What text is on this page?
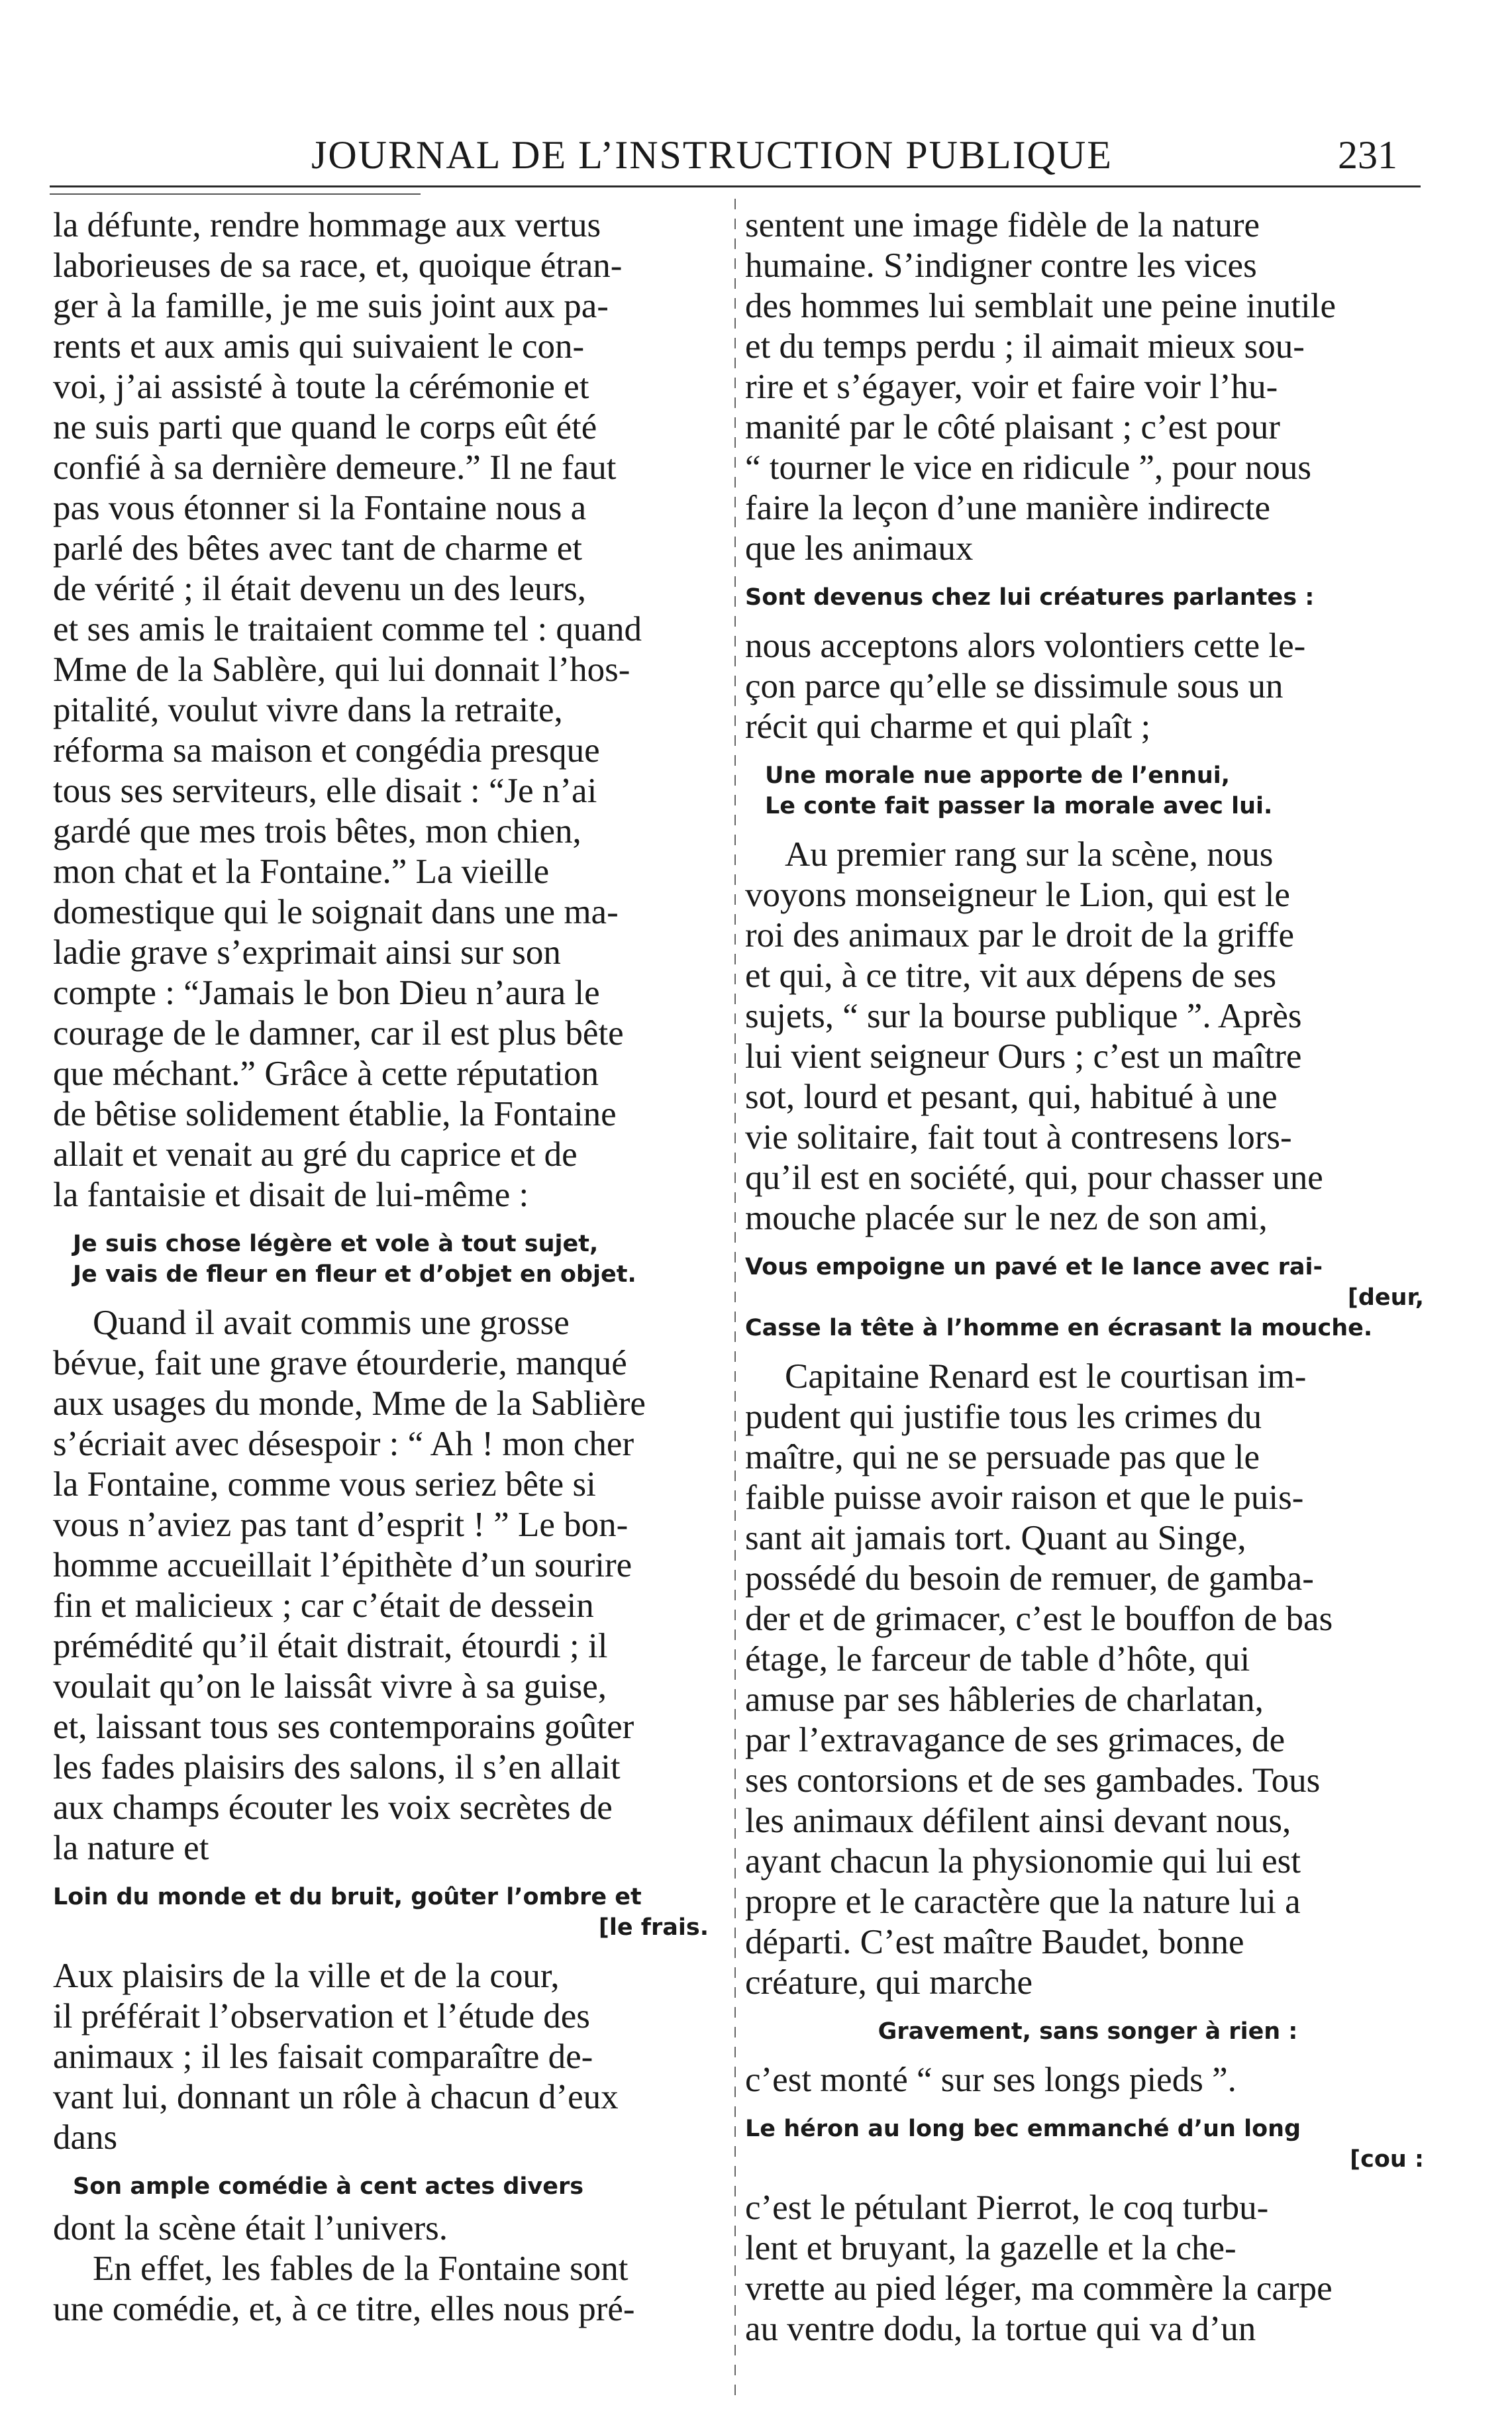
JOURNAL DE L’INSTRUCTION PUBLIQUE	231
la défunte, rendre hommage aux vertus
laborieuses de sa race, et, quoique étran-
ger à la famille, je me suis joint aux pa-
rents et aux amis qui suivaient le con-
voi, j’ai assisté à toute la cérémonie et
ne suis parti que quand le corps eût été
confié à sa dernière demeure.” Il ne faut
pas vous étonner si la Fontaine nous a
parlé des bêtes avec tant de charme et
de vérité ; il était devenu un des leurs,
et ses amis le traitaient comme tel : quand
Mme de la Sablère, qui lui donnait l’hos-
pitalité, voulut vivre dans la retraite,
réforma sa maison et congédia presque
tous ses serviteurs, elle disait : “Je n’ai
gardé que mes trois bêtes, mon chien,
mon chat et la Fontaine.” La vieille
domestique qui le soignait dans une ma-
ladie grave s’exprimait ainsi sur son
compte : “Jamais le bon Dieu n’aura le
courage de le damner, car il est plus bête
que méchant.” Grâce à cette réputation
de bêtise solidement établie, la Fontaine
allait et venait au gré du caprice et de
la fantaisie et disait de lui-même :
Je suis chose légère et vole à tout sujet,
Je vais de fleur en fleur et d’objet en objet.
Quand il avait commis une grosse
bévue, fait une grave étourderie, manqué
aux usages du monde, Mme de la Sablière
s’écriait avec désespoir : “ Ah ! mon cher
la Fontaine, comme vous seriez bête si
vous n’aviez pas tant d’esprit ! ” Le bon-
homme accueillait l’épithète d’un sourire
fin et malicieux ; car c’était de dessein
prémédité qu’il était distrait, étourdi ; il
voulait qu’on le laissât vivre à sa guise,
et, laissant tous ses contemporains goûter
les fades plaisirs des salons, il s’en allait
aux champs écouter les voix secrètes de
la nature et
Loin du monde et du bruit, goûter l’ombre et
[le frais.
Aux plaisirs de la ville et de la cour,
il préférait l’observation et l’étude des
animaux ; il les faisait comparaître de-
vant lui, donnant un rôle à chacun d’eux
dans
Son ample comédie à cent actes divers
dont la scène était l’univers.
En effet, les fables de la Fontaine sont
une comédie, et, à ce titre, elles nous pré-
sentent une image fidèle de la nature
humaine. S’indigner contre les vices
des hommes lui semblait une peine inutile
et du temps perdu ; il aimait mieux sou-
rire et s’égayer, voir et faire voir l’hu-
manité par le côté plaisant ; c’est pour
“ tourner le vice en ridicule ”, pour nous
faire la leçon d’une manière indirecte
que les animaux
Sont devenus chez lui créatures parlantes :
nous acceptons alors volontiers cette le-
çon parce qu’elle se dissimule sous un
récit qui charme et qui plaît ;
Une morale nue apporte de l’ennui,
Le conte fait passer la morale avec lui.
Au premier rang sur la scène, nous
voyons monseigneur le Lion, qui est le
roi des animaux par le droit de la griffe
et qui, à ce titre, vit aux dépens de ses
sujets, “ sur la bourse publique ”. Après
lui vient seigneur Ours ; c’est un maître
sot, lourd et pesant, qui, habitué à une
vie solitaire, fait tout à contresens lors-
qu’il est en société, qui, pour chasser une
mouche placée sur le nez de son ami,
Vous empoigne un pavé et le lance avec rai-
[deur,
Casse la tête à l’homme en écrasant la mouche.
Capitaine Renard est le courtisan im-
pudent qui justifie tous les crimes du
maître, qui ne se persuade pas que le
faible puisse avoir raison et que le puis-
sant ait jamais tort. Quant au Singe,
possédé du besoin de remuer, de gamba-
der et de grimacer, c’est le bouffon de bas
étage, le farceur de table d’hôte, qui
amuse par ses hâbleries de charlatan,
par l’extravagance de ses grimaces, de
ses contorsions et de ses gambades. Tous
les animaux défilent ainsi devant nous,
ayant chacun la physionomie qui lui est
propre et le caractère que la nature lui a
départi. C’est maître Baudet, bonne
créature, qui marche
Gravement, sans songer à rien :
c’est monté “ sur ses longs pieds ”.
Le héron au long bec emmanché d’un long
[cou :
c’est le pétulant Pierrot, le coq turbu-
lent et bruyant, la gazelle et la che-
vrette au pied léger, ma commère la carpe
au ventre dodu, la tortue qui va d’un
